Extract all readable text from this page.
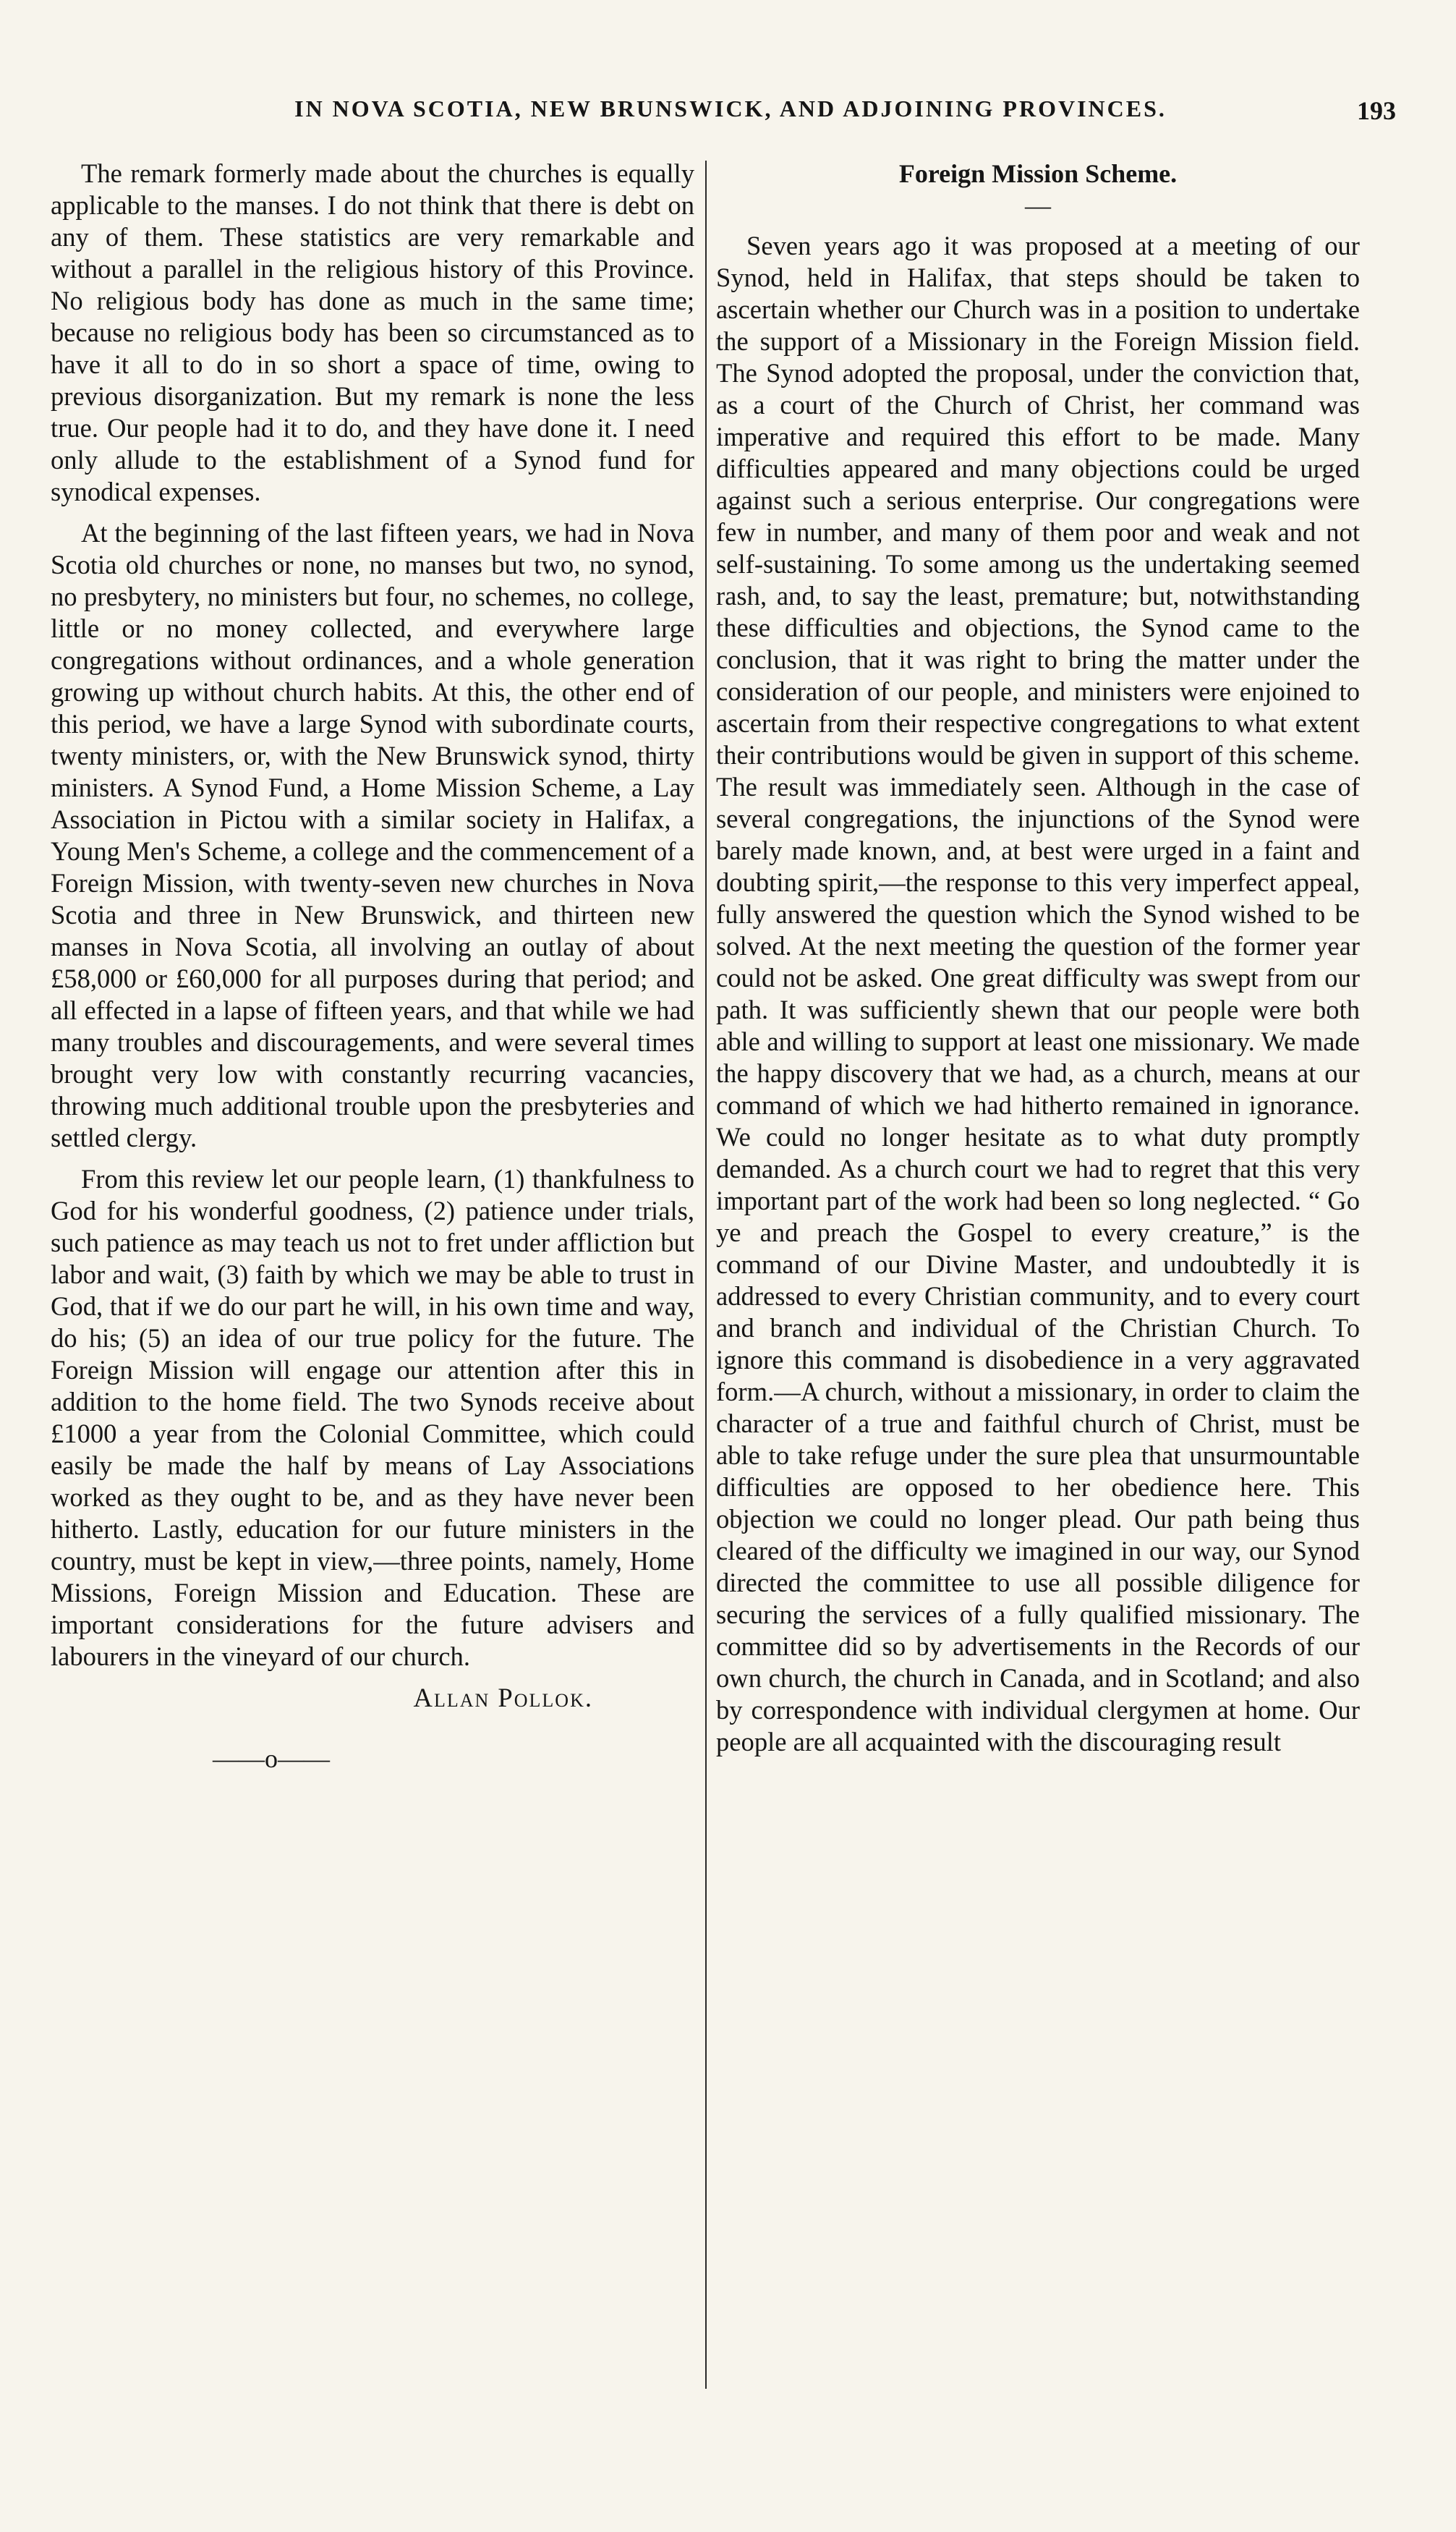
IN NOVA SCOTIA, NEW BRUNSWICK, AND ADJOINING PROVINCES.	193

The remark formerly made about the churches is equally applicable to the manses. I do not think that there is debt on any of them. These statistics are very remarkable and without a parallel in the religious history of this Province. No religious body has done as much in the same time; because no religious body has been so circumstanced as to have it all to do in so short a space of time, owing to previous disorganization. But my remark is none the less true. Our people had it to do, and they have done it. I need only allude to the establishment of a Synod fund for synodical expenses.

At the beginning of the last fifteen years, we had in Nova Scotia old churches or none, no manses but two, no synod, no presbytery, no ministers but four, no schemes, no college, little or no money collected, and everywhere large congregations without ordinances, and a whole generation growing up without church habits. At this, the other end of this period, we have a large Synod with subordinate courts, twenty ministers, or, with the New Brunswick synod, thirty ministers. A Synod Fund, a Home Mission Scheme, a Lay Association in Pictou with a similar society in Halifax, a Young Men's Scheme, a college and the commencement of a Foreign Mission, with twenty-seven new churches in Nova Scotia and three in New Brunswick, and thirteen new manses in Nova Scotia, all involving an outlay of about £58,000 or £60,000 for all purposes during that period; and all effected in a lapse of fifteen years, and that while we had many troubles and discouragements, and were several times brought very low with constantly recurring vacancies, throwing much additional trouble upon the presbyteries and settled clergy.

From this review let our people learn, (1) thankfulness to God for his wonderful goodness, (2) patience under trials, such patience as may teach us not to fret under affliction but labor and wait, (3) faith by which we may be able to trust in God, that if we do our part he will, in his own time and way, do his; (5) an idea of our true policy for the future. The Foreign Mission will engage our attention after this in addition to the home field. The two Synods receive about £1000 a year from the Colonial Committee, which could easily be made the half by means of Lay Associations worked as they ought to be, and as they have never been hitherto. Lastly, education for our future ministers in the country, must be kept in view,—three points, namely, Home Missions, Foreign Mission and Education. These are important considerations for the future advisers and labourers in the vineyard of our church.

Allan Pollok.
——o——
Foreign Mission Scheme.
—

Seven years ago it was proposed at a meeting of our Synod, held in Halifax, that steps should be taken to ascertain whether our Church was in a position to undertake the support of a Missionary in the Foreign Mission field. The Synod adopted the proposal, under the conviction that, as a court of the Church of Christ, her command was imperative and required this effort to be made. Many difficulties appeared and many objections could be urged against such a serious enterprise. Our congregations were few in number, and many of them poor and weak and not self-sustaining. To some among us the undertaking seemed rash, and, to say the least, premature; but, notwithstanding these difficulties and objections, the Synod came to the conclusion, that it was right to bring the matter under the consideration of our people, and ministers were enjoined to ascertain from their respective congregations to what extent their contributions would be given in support of this scheme. The result was immediately seen. Although in the case of several congregations, the injunctions of the Synod were barely made known, and, at best were urged in a faint and doubting spirit,—the response to this very imperfect appeal, fully answered the question which the Synod wished to be solved. At the next meeting the question of the former year could not be asked. One great difficulty was swept from our path. It was sufficiently shewn that our people were both able and willing to support at least one missionary. We made the happy discovery that we had, as a church, means at our command of which we had hitherto remained in ignorance. We could no longer hesitate as to what duty promptly demanded. As a church court we had to regret that this very important part of the work had been so long neglected. “ Go ye and preach the Gospel to every creature,” is the command of our Divine Master, and undoubtedly it is addressed to every Christian community, and to every court and branch and individual of the Christian Church. To ignore this command is disobedience in a very aggravated form.—A church, without a missionary, in order to claim the character of a true and faithful church of Christ, must be able to take refuge under the sure plea that unsurmountable difficulties are opposed to her obedience here. This objection we could no longer plead. Our path being thus cleared of the difficulty we imagined in our way, our Synod directed the committee to use all possible diligence for securing the services of a fully qualified missionary. The committee did so by advertisements in the Records of our own church, the church in Canada, and in Scotland; and also by correspondence with individual clergymen at home. Our people are all acquainted with the discouraging result
